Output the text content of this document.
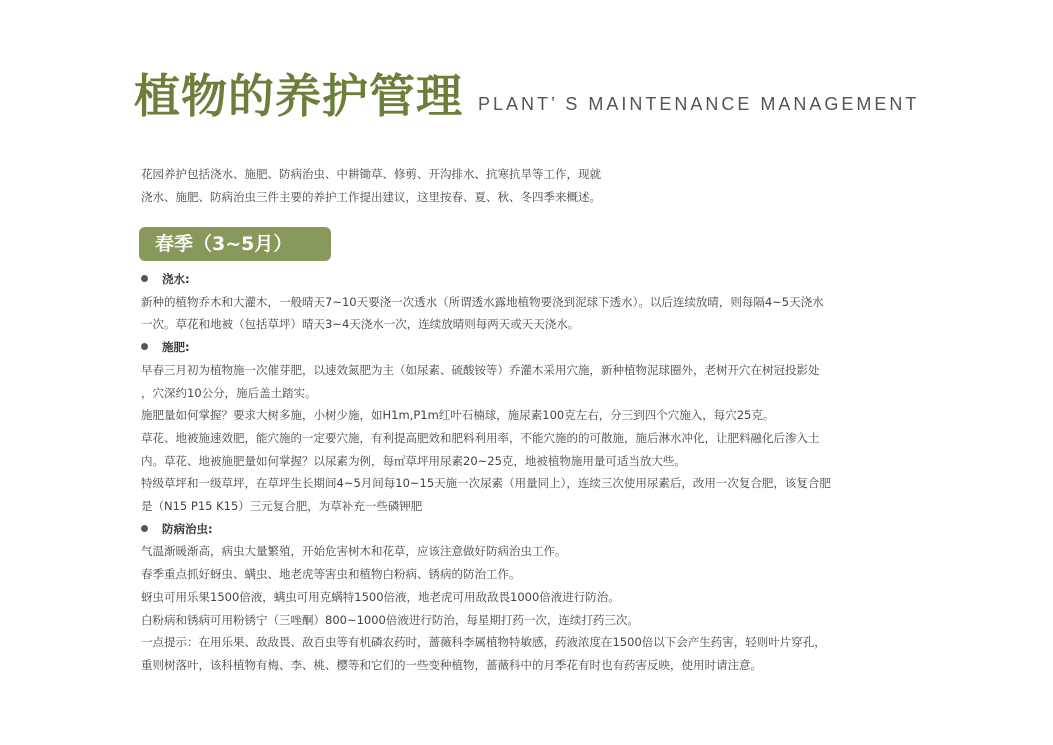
植物的养护管理 PLANT’ S MAINTENANCE MANAGEMENT

花园养护包括浇水、施肥、防病治虫、中耕锄草、修剪、开沟排水、抗寒抗旱等工作，现就

浇水、施肥、防病治虫三件主要的养护工作提出建议，这里按春、夏、秋、冬四季来概述。

春季（3~5月）

浇水:

新种的植物乔木和大灌木，一般晴天7~10天要浇一次透水（所谓透水露地植物要浇到泥球下透水）。以后连续放晴，则每隔4~5天浇水

一次。草花和地被（包括草坪）晴天3~4天浇水一次，连续放晴则每两天或天天浇水。

施肥:

早春三月初为植物施一次催芽肥，以速效氮肥为主（如尿素、硫酸铵等）乔灌木采用穴施，新种植物泥球圈外，老树开穴在树冠投影处

，穴深约10公分，施后盖土踏实。

施肥量如何掌握？要求大树多施，小树少施，如H1m,P1m红叶石楠球，施尿素100克左右，分三到四个穴施入，每穴25克。

草花、地被施速效肥，能穴施的一定要穴施，有利提高肥效和肥料利用率，不能穴施的的可散施，施后淋水冲化，让肥料融化后渗入土

内。草花、地被施肥量如何掌握？以尿素为例，每㎡草坪用尿素20~25克，地被植物施用量可适当放大些。

特级草坪和一级草坪，在草坪生长期间4~5月间每10~15天施一次尿素（用量同上），连续三次使用尿素后，改用一次复合肥，该复合肥

是（N15 P15 K15）三元复合肥，为草补充一些磷钾肥

防病治虫:

气温渐暖渐高，病虫大量繁殖，开始危害树木和花草，应该注意做好防病治虫工作。

春季重点抓好蚜虫、螨虫、地老虎等害虫和植物白粉病、锈病的防治工作。

蚜虫可用乐果1500倍液，螨虫可用克螨特1500倍液，地老虎可用敌敌畏1000倍液进行防治。

白粉病和锈病可用粉锈宁（三唑酮）800~1000倍液进行防治，每星期打药一次，连续打药三次。

一点提示：在用乐果、敌敌畏、敌百虫等有机磷农药时，蔷薇科李属植物特敏感，药液浓度在1500倍以下会产生药害，轻则叶片穿孔，

重则树落叶，该科植物有梅、李、桃、樱等和它们的一些变种植物，蔷薇科中的月季花有时也有药害反映，使用时请注意。
